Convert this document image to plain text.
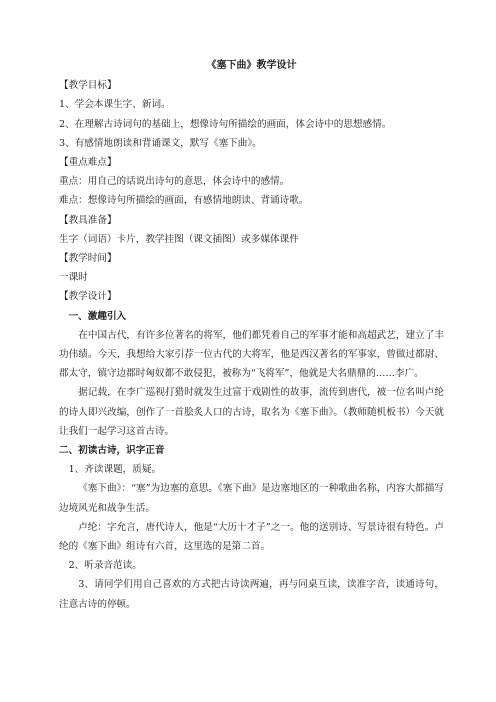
《塞下曲》教学设计
【教学目标】
1、学会本课生字、新词。
2、在理解古诗词句的基础上，想像诗句所描绘的画面，体会诗中的思想感情。
3、有感情地朗读和背诵课文，默写《塞下曲》。
【重点难点】
重点：用自己的话说出诗句的意思，体会诗中的感情。
难点：想像诗句所描绘的画面，有感情地朗读、背诵诗歌。
【教具准备】
生字（词语）卡片，教学挂图（课文插图）或多媒体课件
【教学时间】
一课时
【教学设计】
一、激趣引入
在中国古代，有许多位著名的将军，他们都凭着自己的军事才能和高超武艺，建立了丰功伟绩。今天，我想给大家引荐一位古代的大将军，他是西汉著名的军事家，曾做过都尉、郡太守，镇守边郡时匈奴都不敢侵犯，被称为“飞将军”，他就是大名鼎鼎的……李广。
据记载，在李广巡视打猎时就发生过富于戏剧性的故事，流传到唐代，被一位名叫卢纶的诗人即兴改编，创作了一首脍炙人口的古诗，取名为《塞下曲》。（教师随机板书）今天就让我们一起学习这首古诗。
二、初读古诗，识字正音
1、齐读课题，质疑。
《塞下曲》：“塞”为边塞的意思。《塞下曲》是边塞地区的一种歌曲名称，内容大都描写边境风光和战争生活。
卢纶：字允言，唐代诗人，他是“大历十才子”之一。他的送别诗、写景诗很有特色。卢纶的《塞下曲》组诗有六首，这里选的是第二首。
2、听录音范读。
3、请同学们用自己喜欢的方式把古诗读两遍，再与同桌互读，读准字音，读通诗句，注意古诗的停顿。
